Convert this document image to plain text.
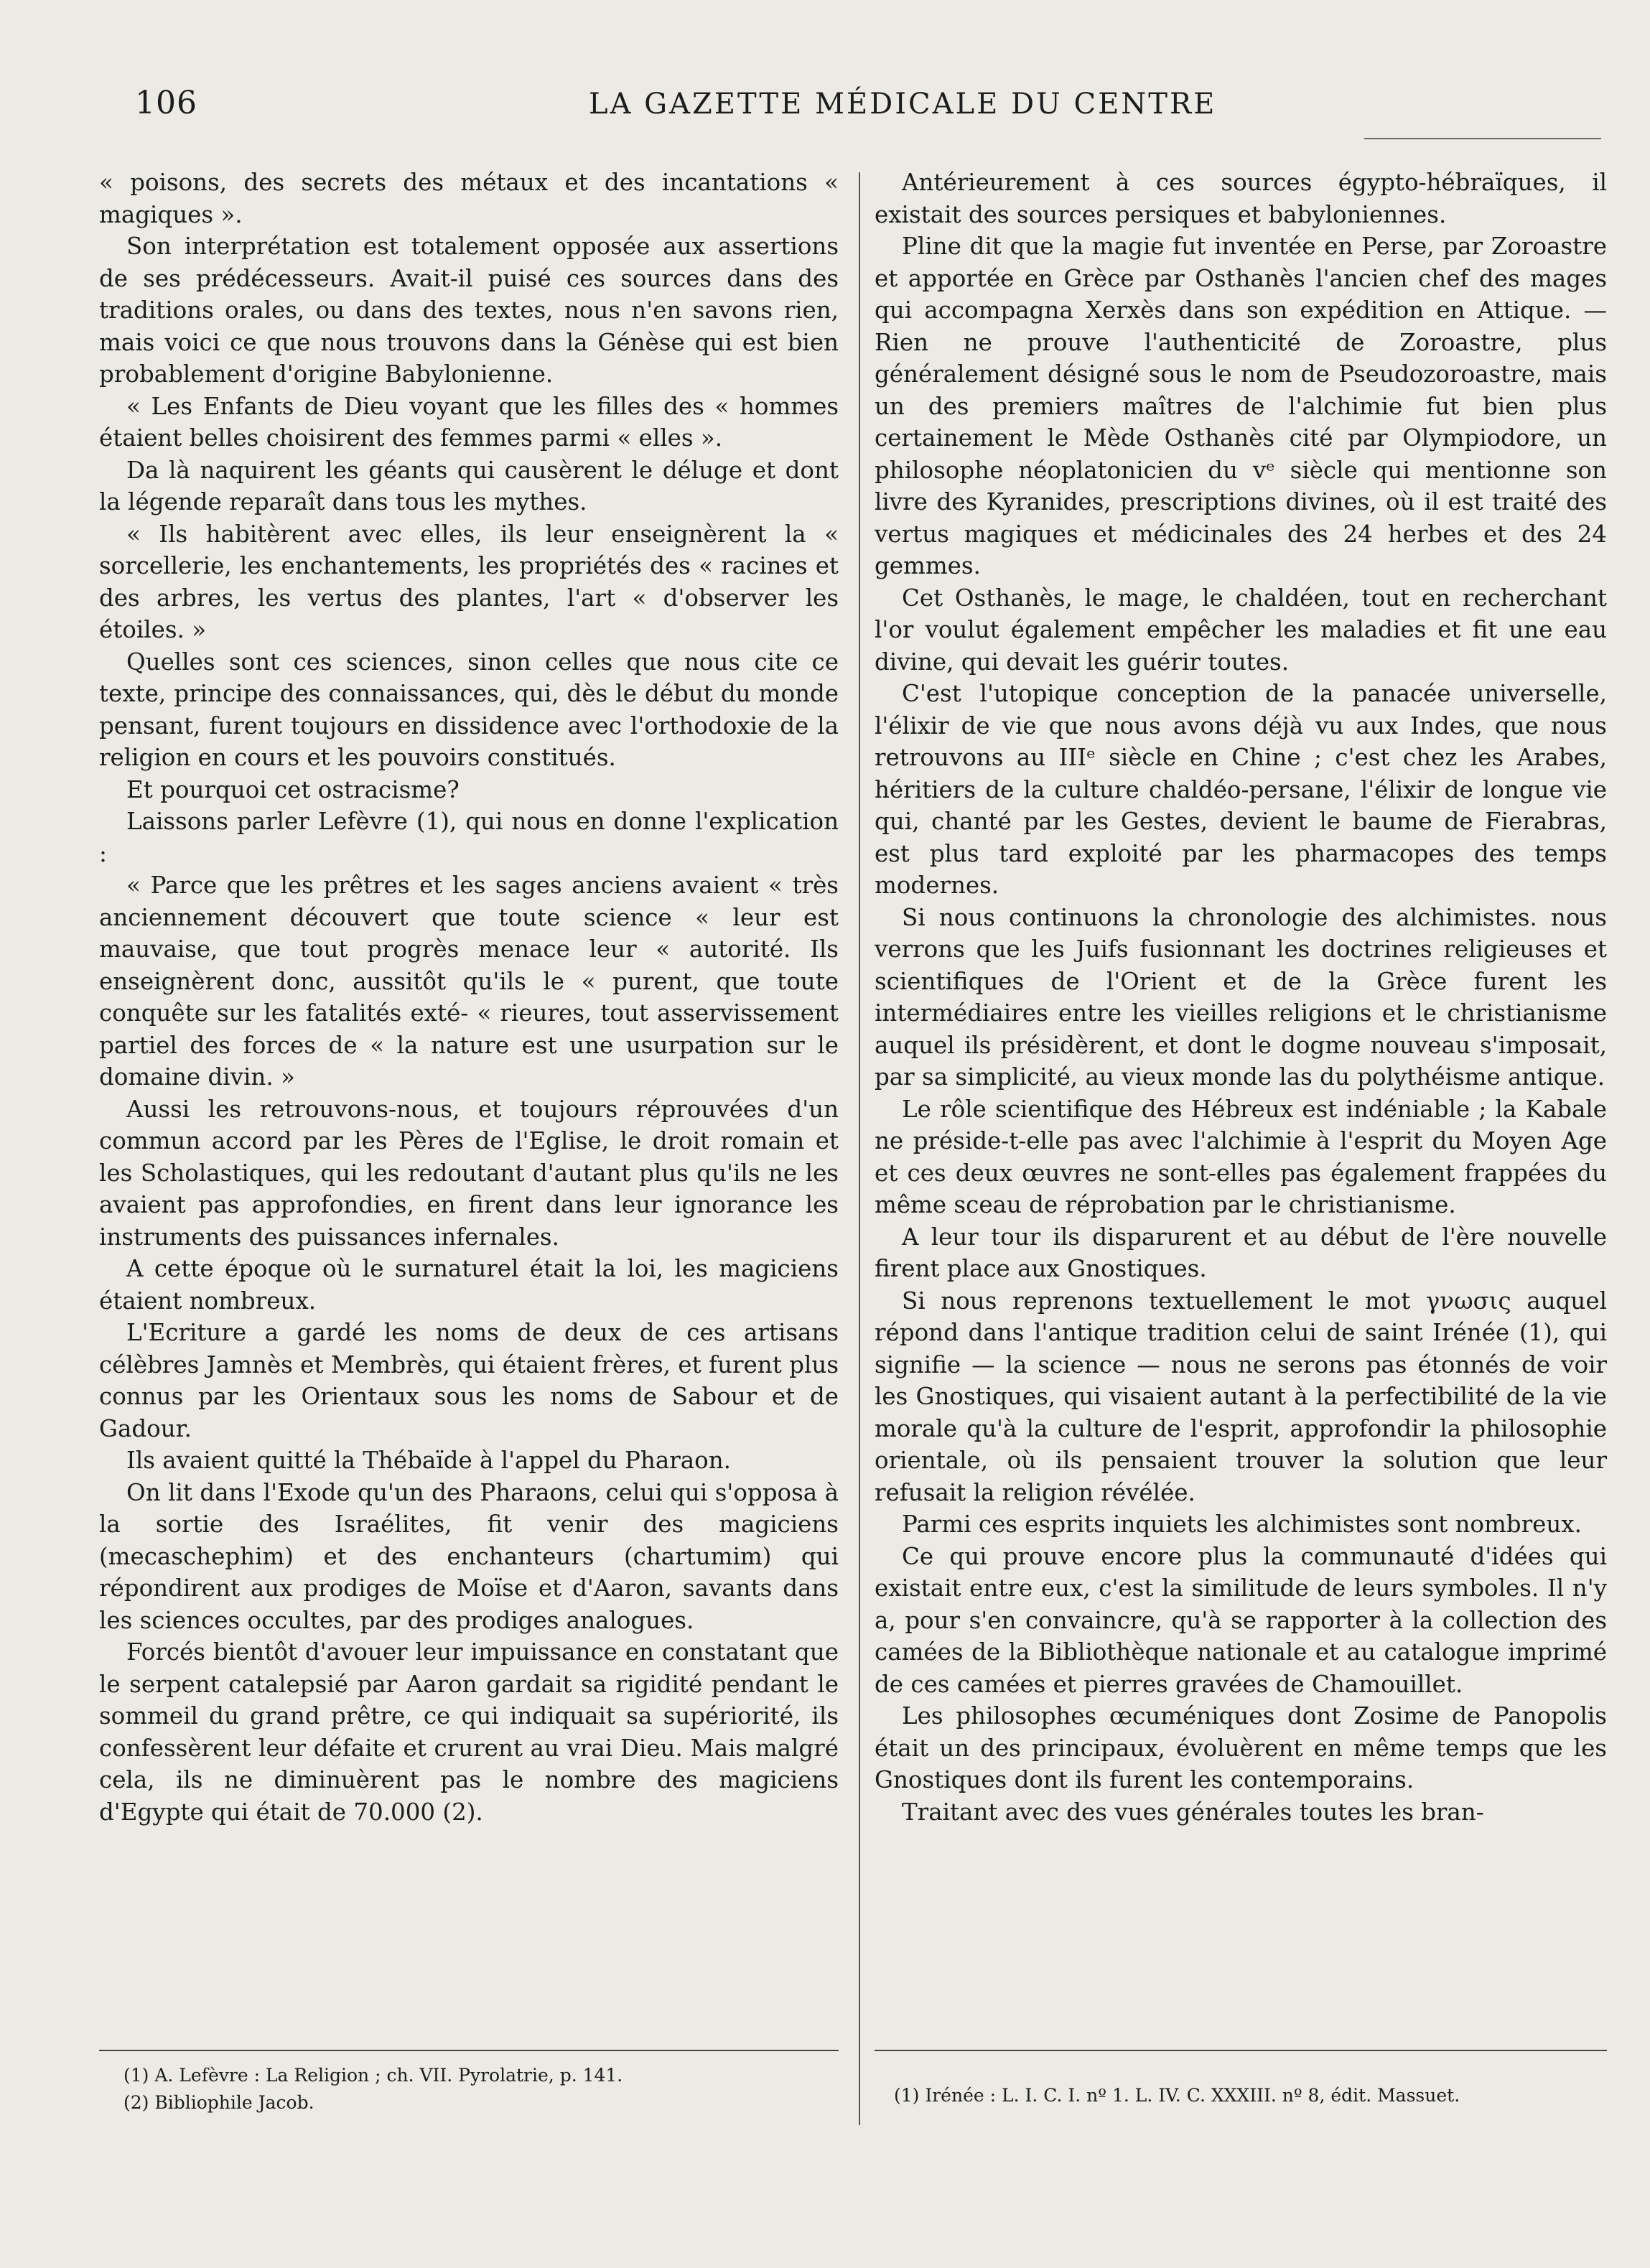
106	LA GAZETTE MÉDICALE DU CENTRE

« poisons, des secrets des métaux et des incantations « magiques ».

Son interprétation est totalement opposée aux assertions de ses prédécesseurs. Avait-il puisé ces sources dans des traditions orales, ou dans des textes, nous n'en savons rien, mais voici ce que nous trouvons dans la Génèse qui est bien probablement d'origine Babylonienne.

« Les Enfants de Dieu voyant que les filles des « hommes étaient belles choisirent des femmes parmi « elles ».

Da là naquirent les géants qui causèrent le déluge et dont la légende reparaît dans tous les mythes.

« Ils habitèrent avec elles, ils leur enseignèrent la « sorcellerie, les enchantements, les propriétés des « racines et des arbres, les vertus des plantes, l'art « d'observer les étoiles. »

Quelles sont ces sciences, sinon celles que nous cite ce texte, principe des connaissances, qui, dès le début du monde pensant, furent toujours en dissidence avec l'orthodoxie de la religion en cours et les pouvoirs constitués.

Et pourquoi cet ostracisme?

Laissons parler Lefèvre (1), qui nous en donne l'explication :

« Parce que les prêtres et les sages anciens avaient « très anciennement découvert que toute science « leur est mauvaise, que tout progrès menace leur « autorité. Ils enseignèrent donc, aussitôt qu'ils le « purent, que toute conquête sur les fatalités exté- « rieures, tout asservissement partiel des forces de « la nature est une usurpation sur le domaine divin. »

Aussi les retrouvons-nous, et toujours réprouvées d'un commun accord par les Pères de l'Eglise, le droit romain et les Scholastiques, qui les redoutant d'autant plus qu'ils ne les avaient pas approfondies, en firent dans leur ignorance les instruments des puissances infernales.

A cette époque où le surnaturel était la loi, les magiciens étaient nombreux.

L'Ecriture a gardé les noms de deux de ces artisans célèbres Jamnès et Membrès, qui étaient frères, et furent plus connus par les Orientaux sous les noms de Sabour et de Gadour.

Ils avaient quitté la Thébaïde à l'appel du Pharaon.

On lit dans l'Exode qu'un des Pharaons, celui qui s'opposa à la sortie des Israélites, fit venir des magiciens (mecaschephim) et des enchanteurs (chartumim) qui répondirent aux prodiges de Moïse et d'Aaron, savants dans les sciences occultes, par des prodiges analogues.

Forcés bientôt d'avouer leur impuissance en constatant que le serpent catalepsié par Aaron gardait sa rigidité pendant le sommeil du grand prêtre, ce qui indiquait sa supériorité, ils confessèrent leur défaite et crurent au vrai Dieu. Mais malgré cela, ils ne diminuèrent pas le nombre des magiciens d'Egypte qui était de 70.000 (2).

Antérieurement à ces sources égypto-hébraïques, il existait des sources persiques et babyloniennes.

Pline dit que la magie fut inventée en Perse, par Zoroastre et apportée en Grèce par Osthanès l'ancien chef des mages qui accompagna Xerxès dans son expédition en Attique. — Rien ne prouve l'authenticité de Zoroastre, plus généralement désigné sous le nom de Pseudozoroastre, mais un des premiers maîtres de l'alchimie fut bien plus certainement le Mède Osthanès cité par Olympiodore, un philosophe néoplatonicien du vᵉ siècle qui mentionne son livre des Kyranides, prescriptions divines, où il est traité des vertus magiques et médicinales des 24 herbes et des 24 gemmes.

Cet Osthanès, le mage, le chaldéen, tout en recherchant l'or voulut également empêcher les maladies et fit une eau divine, qui devait les guérir toutes.

C'est l'utopique conception de la panacée universelle, l'élixir de vie que nous avons déjà vu aux Indes, que nous retrouvons au IIIᵉ siècle en Chine ; c'est chez les Arabes, héritiers de la culture chaldéo-persane, l'élixir de longue vie qui, chanté par les Gestes, devient le baume de Fierabras, est plus tard exploité par les pharmacopes des temps modernes.

Si nous continuons la chronologie des alchimistes. nous verrons que les Juifs fusionnant les doctrines religieuses et scientifiques de l'Orient et de la Grèce furent les intermédiaires entre les vieilles religions et le christianisme auquel ils présidèrent, et dont le dogme nouveau s'imposait, par sa simplicité, au vieux monde las du polythéisme antique.

Le rôle scientifique des Hébreux est indéniable ; la Kabale ne préside-t-elle pas avec l'alchimie à l'esprit du Moyen Age et ces deux œuvres ne sont-elles pas également frappées du même sceau de réprobation par le christianisme.

A leur tour ils disparurent et au début de l'ère nouvelle firent place aux Gnostiques.

Si nous reprenons textuellement le mot γνωσις auquel répond dans l'antique tradition celui de saint Irénée (1), qui signifie — la science — nous ne serons pas étonnés de voir les Gnostiques, qui visaient autant à la perfectibilité de la vie morale qu'à la culture de l'esprit, approfondir la philosophie orientale, où ils pensaient trouver la solution que leur refusait la religion révélée.

Parmi ces esprits inquiets les alchimistes sont nombreux.

Ce qui prouve encore plus la communauté d'idées qui existait entre eux, c'est la similitude de leurs symboles. Il n'y a, pour s'en convaincre, qu'à se rapporter à la collection des camées de la Bibliothèque nationale et au catalogue imprimé de ces camées et pierres gravées de Chamouillet.

Les philosophes œcuméniques dont Zosime de Panopolis était un des principaux, évoluèrent en même temps que les Gnostiques dont ils furent les contemporains.

Traitant avec des vues générales toutes les bran-

(1) A. Lefèvre : La Religion ; ch. VII. Pyrolatrie, p. 141.
(2) Bibliophile Jacob.	(1) Irénée : L. I. C. I. nº 1. L. IV. C. XXXIII. nº 8, édit. Massuet.
